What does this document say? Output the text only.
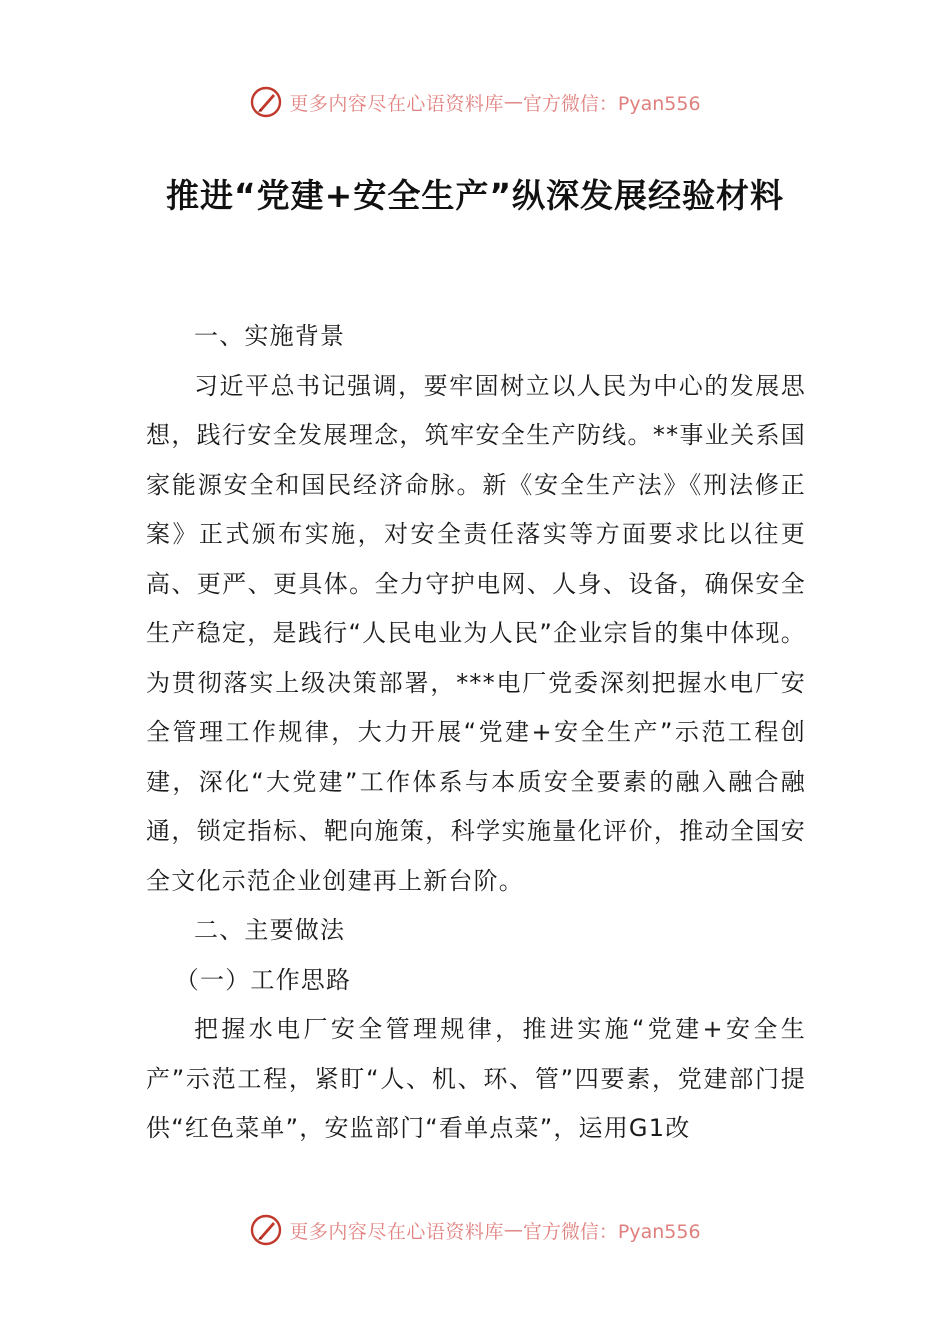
更多内容尽在心语资料库 — 官方微信：Pyan556
推进“党建+安全生产”纵深发展经验材料

一、实施背景

习近平总书记强调，要牢固树立以人民为中心的发展思想，践行安全发展理念，筑牢安全生产防线。**事业关系国家能源安全和国民经济命脉。新《安全生产法》《刑法修正案》正式颁布实施，对安全责任落实等方面要求比以往更高、更严、更具体。全力守护电网、人身、设备，确保安全生产稳定，是践行“人民电业为人民”企业宗旨的集中体现。为贯彻落实上级决策部署，***电厂党委深刻把握水电厂安全管理工作规律，大力开展“党建+安全生产”示范工程创建，深化“大党建”工作体系与本质安全要素的融入融合融通，锁定指标、靶向施策，科学实施量化评价，推动全国安全文化示范企业创建再上新台阶。

二、主要做法

（一）工作思路

把握水电厂安全管理规律，推进实施“党建+安全生产”示范工程，紧盯“人、机、环、管”四要素，党建部门提供“红色菜单”，安监部门“看单点菜”，运用G1改

更多内容尽在心语资料库 — 官方微信：Pyan556
